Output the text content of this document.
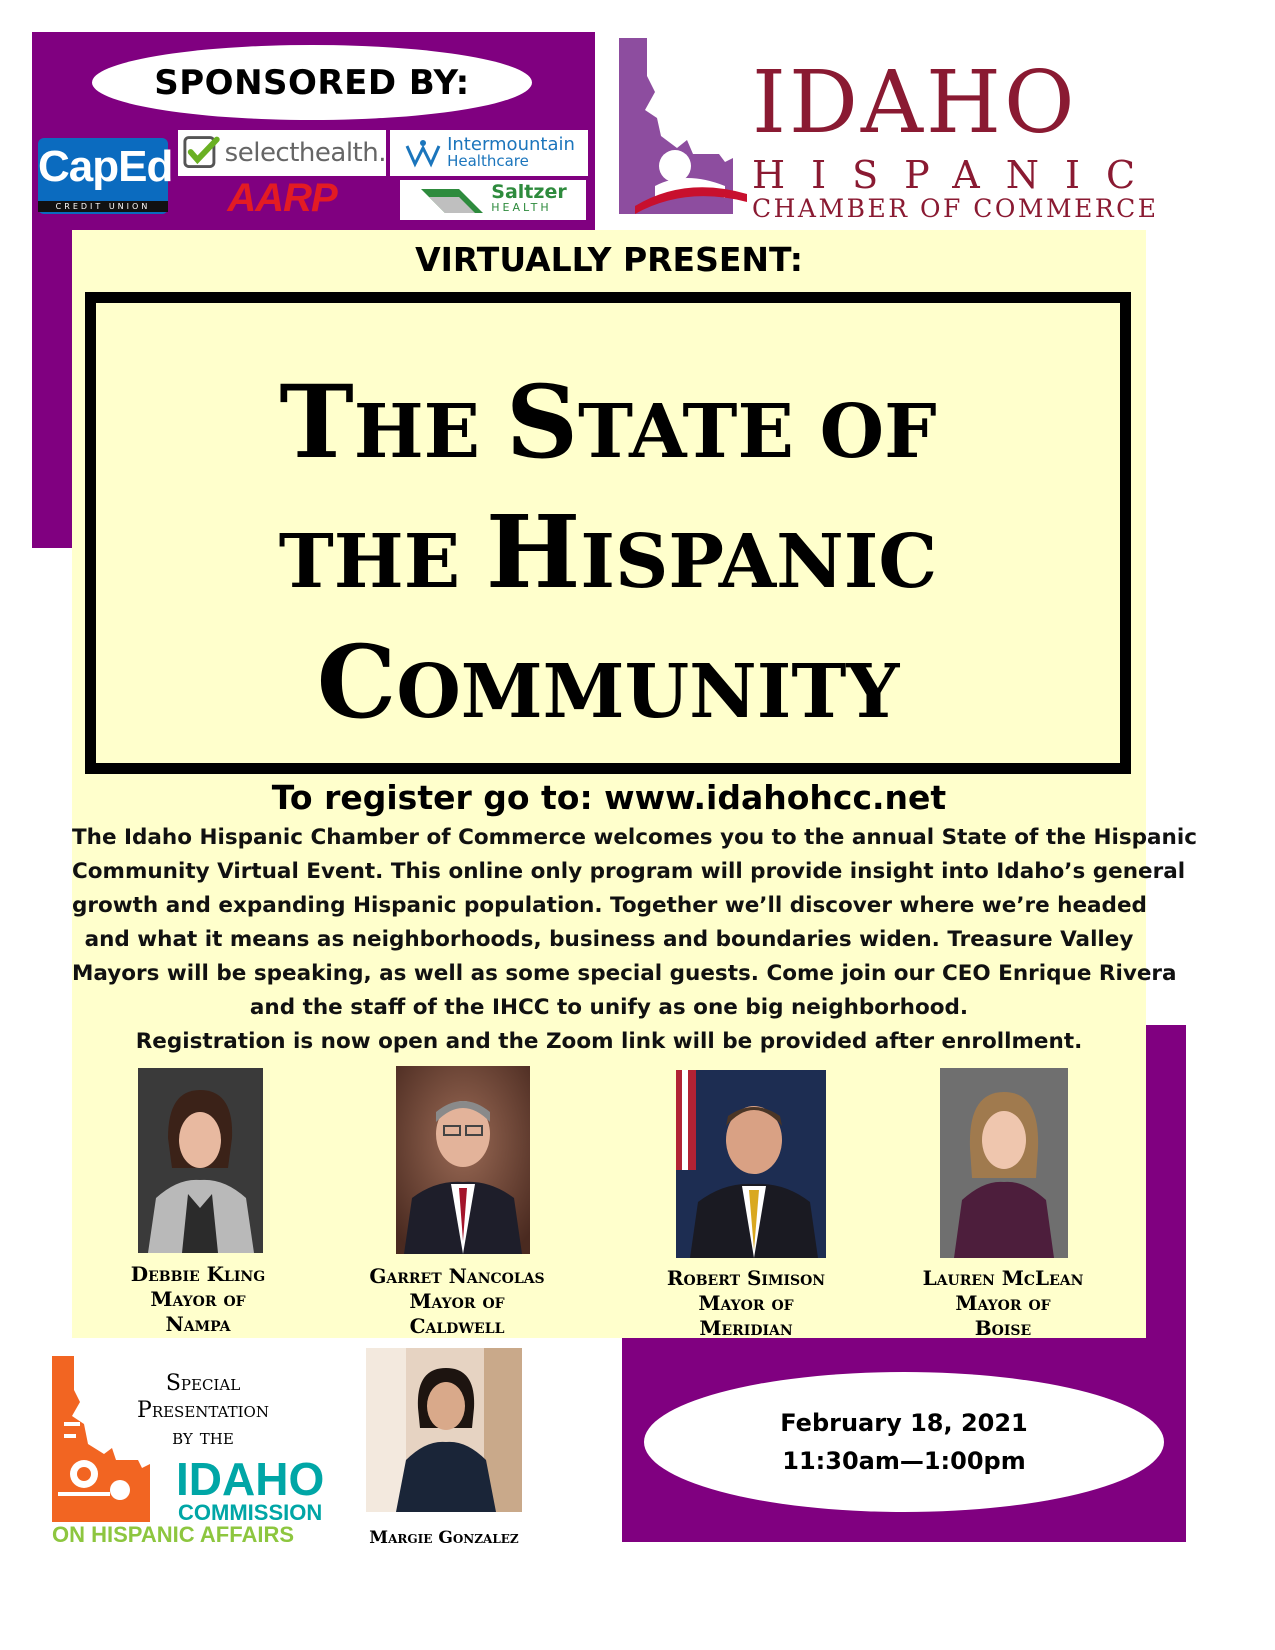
SPONSORED BY:
CapEd
CREDIT UNION
selecthealth.	Intermountain
Healthcare
AARP	Saltzer
HEALTH
IDAHO
HISPANIC
CHAMBER OF COMMERCE
VIRTUALLY PRESENT:
THE STATE OF
THE HISPANIC
COMMUNITY
To register go to: www.idahohcc.net

The Idaho Hispanic Chamber of Commerce welcomes you to the annual State of the Hispanic

Community Virtual Event. This online only program will provide insight into Idaho’s general

growth and expanding Hispanic population. Together we’ll discover where we’re headed

and what it means as neighborhoods, business and boundaries widen. Treasure Valley

Mayors will be speaking, as well as some special guests. Come join our CEO Enrique Rivera

and the staff of the IHCC to unify as one big neighborhood.

Registration is now open and the Zoom link will be provided after enrollment.

Debbie Kling
Mayor of
Nampa
Garret Nancolas
Mayor of
Caldwell
Robert Simison
Mayor of
Meridian
Lauren McLean
Mayor of
Boise
Special
Presentation
by the
IDAHO
COMMISSION
ON HISPANIC AFFAIRS	Margie Gonzalez
February 18, 2021
11:30am—1:00pm
